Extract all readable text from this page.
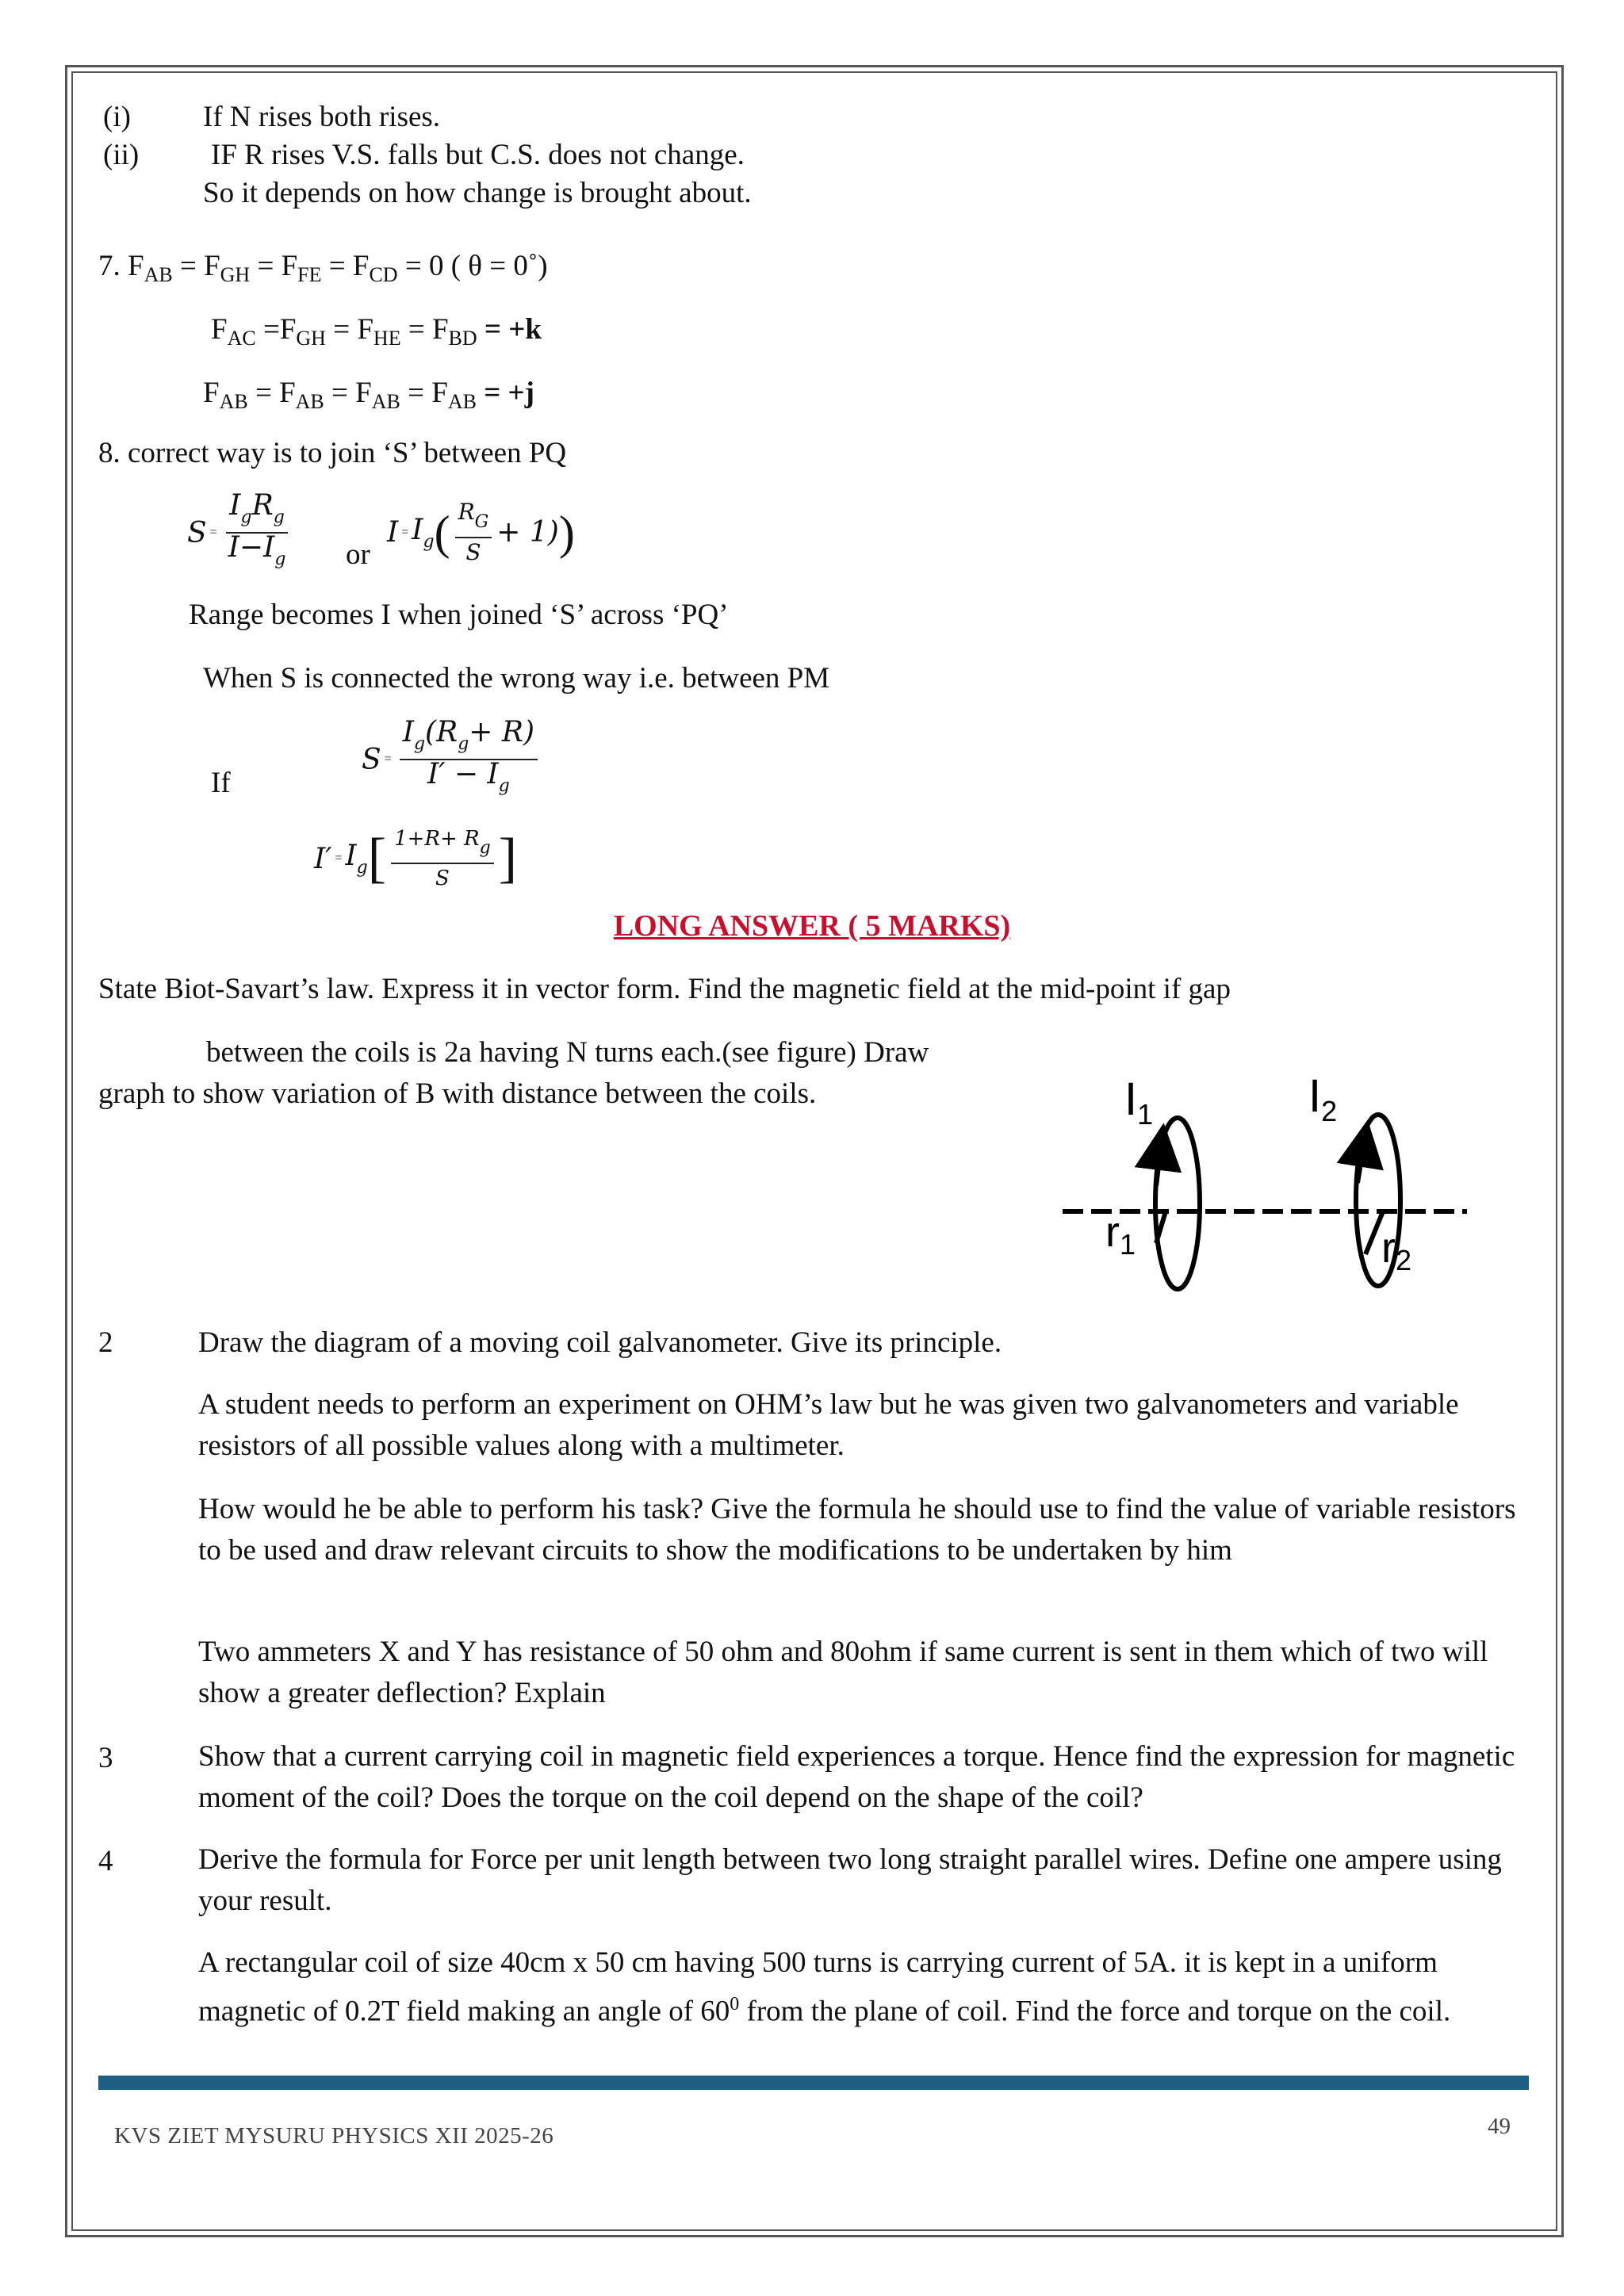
(i) If N rises both rises.
(ii) IF R rises V.S. falls but C.S. does not change.
So it depends on how change is brought about.
7. $F_{AB} = F_{GH} = F_{FE} = F_{CD} = 0$ ( θ = 0˚)
$F_{AC} =F_{GH} = F_{HE} = F_{BD} = +k$
$F_{AB} = F_{AB} = F_{AB} = F_{AB} = +j$
8. correct way is to join ‘S’ between PQ
$S = \frac{I_gR_g}{I-I_g}$ or
$I = I_g$ ( $\frac{R_G}{S} + 1$) )
Range becomes I when joined ‘S’ across ‘PQ’
When S is connected the wrong way i.e. between PM
If
$S = \frac{I_g(R_g+ R)}{I' - I_g}$
$I' = I_g$ [ $\frac{1+R+ R_g}{S}$ ]
LONG ANSWER ( 5 MARKS)
State Biot-Savart’s law. Express it in vector form. Find the magnetic field at the mid-point if gap
between the coils is 2a having N turns each.(see figure) Draw
graph to show variation of B with distance between the coils.	$I_1$	$I_2$
r1	r2
2	Draw the diagram of a moving coil galvanometer. Give its principle.
A student needs to perform an experiment on OHM’s law but he was given two galvanometers and variable resistors of all possible values along with a multimeter.
How would he be able to perform his task? Give the formula he should use to find the value of variable resistors to be used and draw relevant circuits to show the modifications to be undertaken by him
Two ammeters X and Y has resistance of 50 ohm and 80ohm if same current is sent in them which of two will show a greater deflection? Explain
3	Show that a current carrying coil in magnetic field experiences a torque. Hence find the expression for magnetic moment of the coil? Does the torque on the coil depend on the shape of the coil?
4	Derive the formula for Force per unit length between two long straight parallel wires. Define one ampere using your result.
A rectangular coil of size 40cm x 50 cm having 500 turns is carrying current of 5A. it is kept in a uniform magnetic of 0.2T field making an angle of $60^0$ from the plane of coil. Find the force and torque on the coil.
KVS ZIET MYSURU PHYSICS XII 2025-26	49
